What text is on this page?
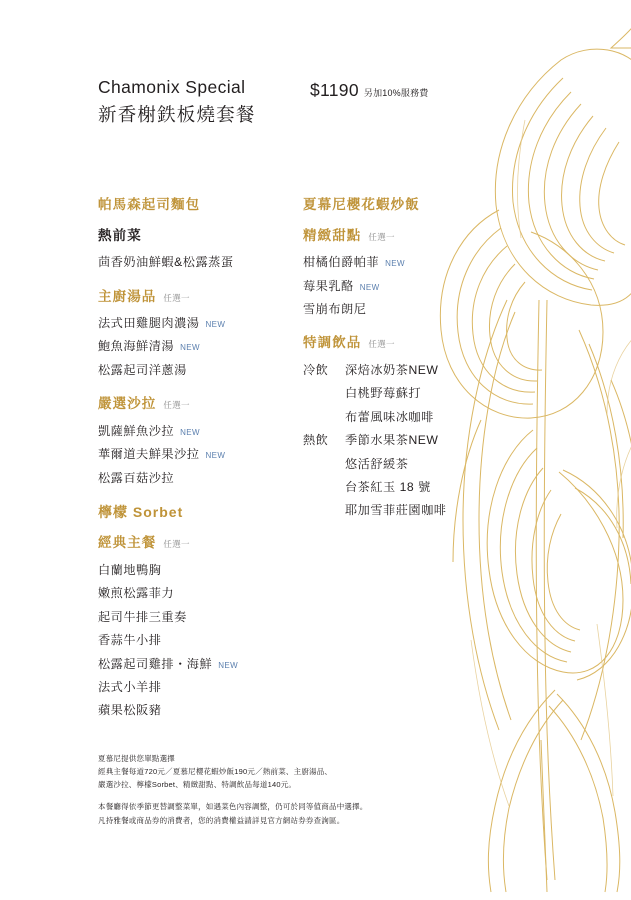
Chamonix Special
新香榭鉄板燒套餐
$1190 另加10%服務費
帕馬森起司麵包
熱前菜
茴香奶油鮮蝦&松露蒸蛋
主廚湯品 任選一
法式田雞腿肉濃湯 NEW
鮑魚海鮮清湯 NEW
松露起司洋蔥湯
嚴選沙拉 任選一
凱薩鮮魚沙拉 NEW
華爾道夫鮮果沙拉 NEW
松露百菇沙拉
檸檬 Sorbet
經典主餐 任選一
白蘭地鴨胸
嫩煎松露菲力
起司牛排三重奏
香蒜牛小排
松露起司雞排・海鮮 NEW
法式小羊排
蘋果松阪豬
夏幕尼櫻花蝦炒飯
精緻甜點 任選一
柑橘伯爵帕菲 NEW
莓果乳酪 NEW
雪崩布朗尼
特調飲品 任選一
冷飲	深焙冰奶茶 NEW
白桃野莓蘇打
布蕾風味冰咖啡
熱飲	季節水果茶 NEW
悠活舒緩茶
台茶紅玉 18 號
耶加雪菲莊園咖啡
夏慕尼提供您單點選擇
經典主餐每道720元／夏慕尼櫻花蝦炒飯190元／熱前菜、主廚湯品、
嚴選沙拉、檸檬Sorbet、精緻甜點、特調飲品每道140元。
本餐廳得依季節更替調整菜單，如遇菜色內容調整，仍可於同等值商品中選擇。
凡持雅餐或商品券的消費者，您的消費權益請詳見官方網站券券查詢區。
